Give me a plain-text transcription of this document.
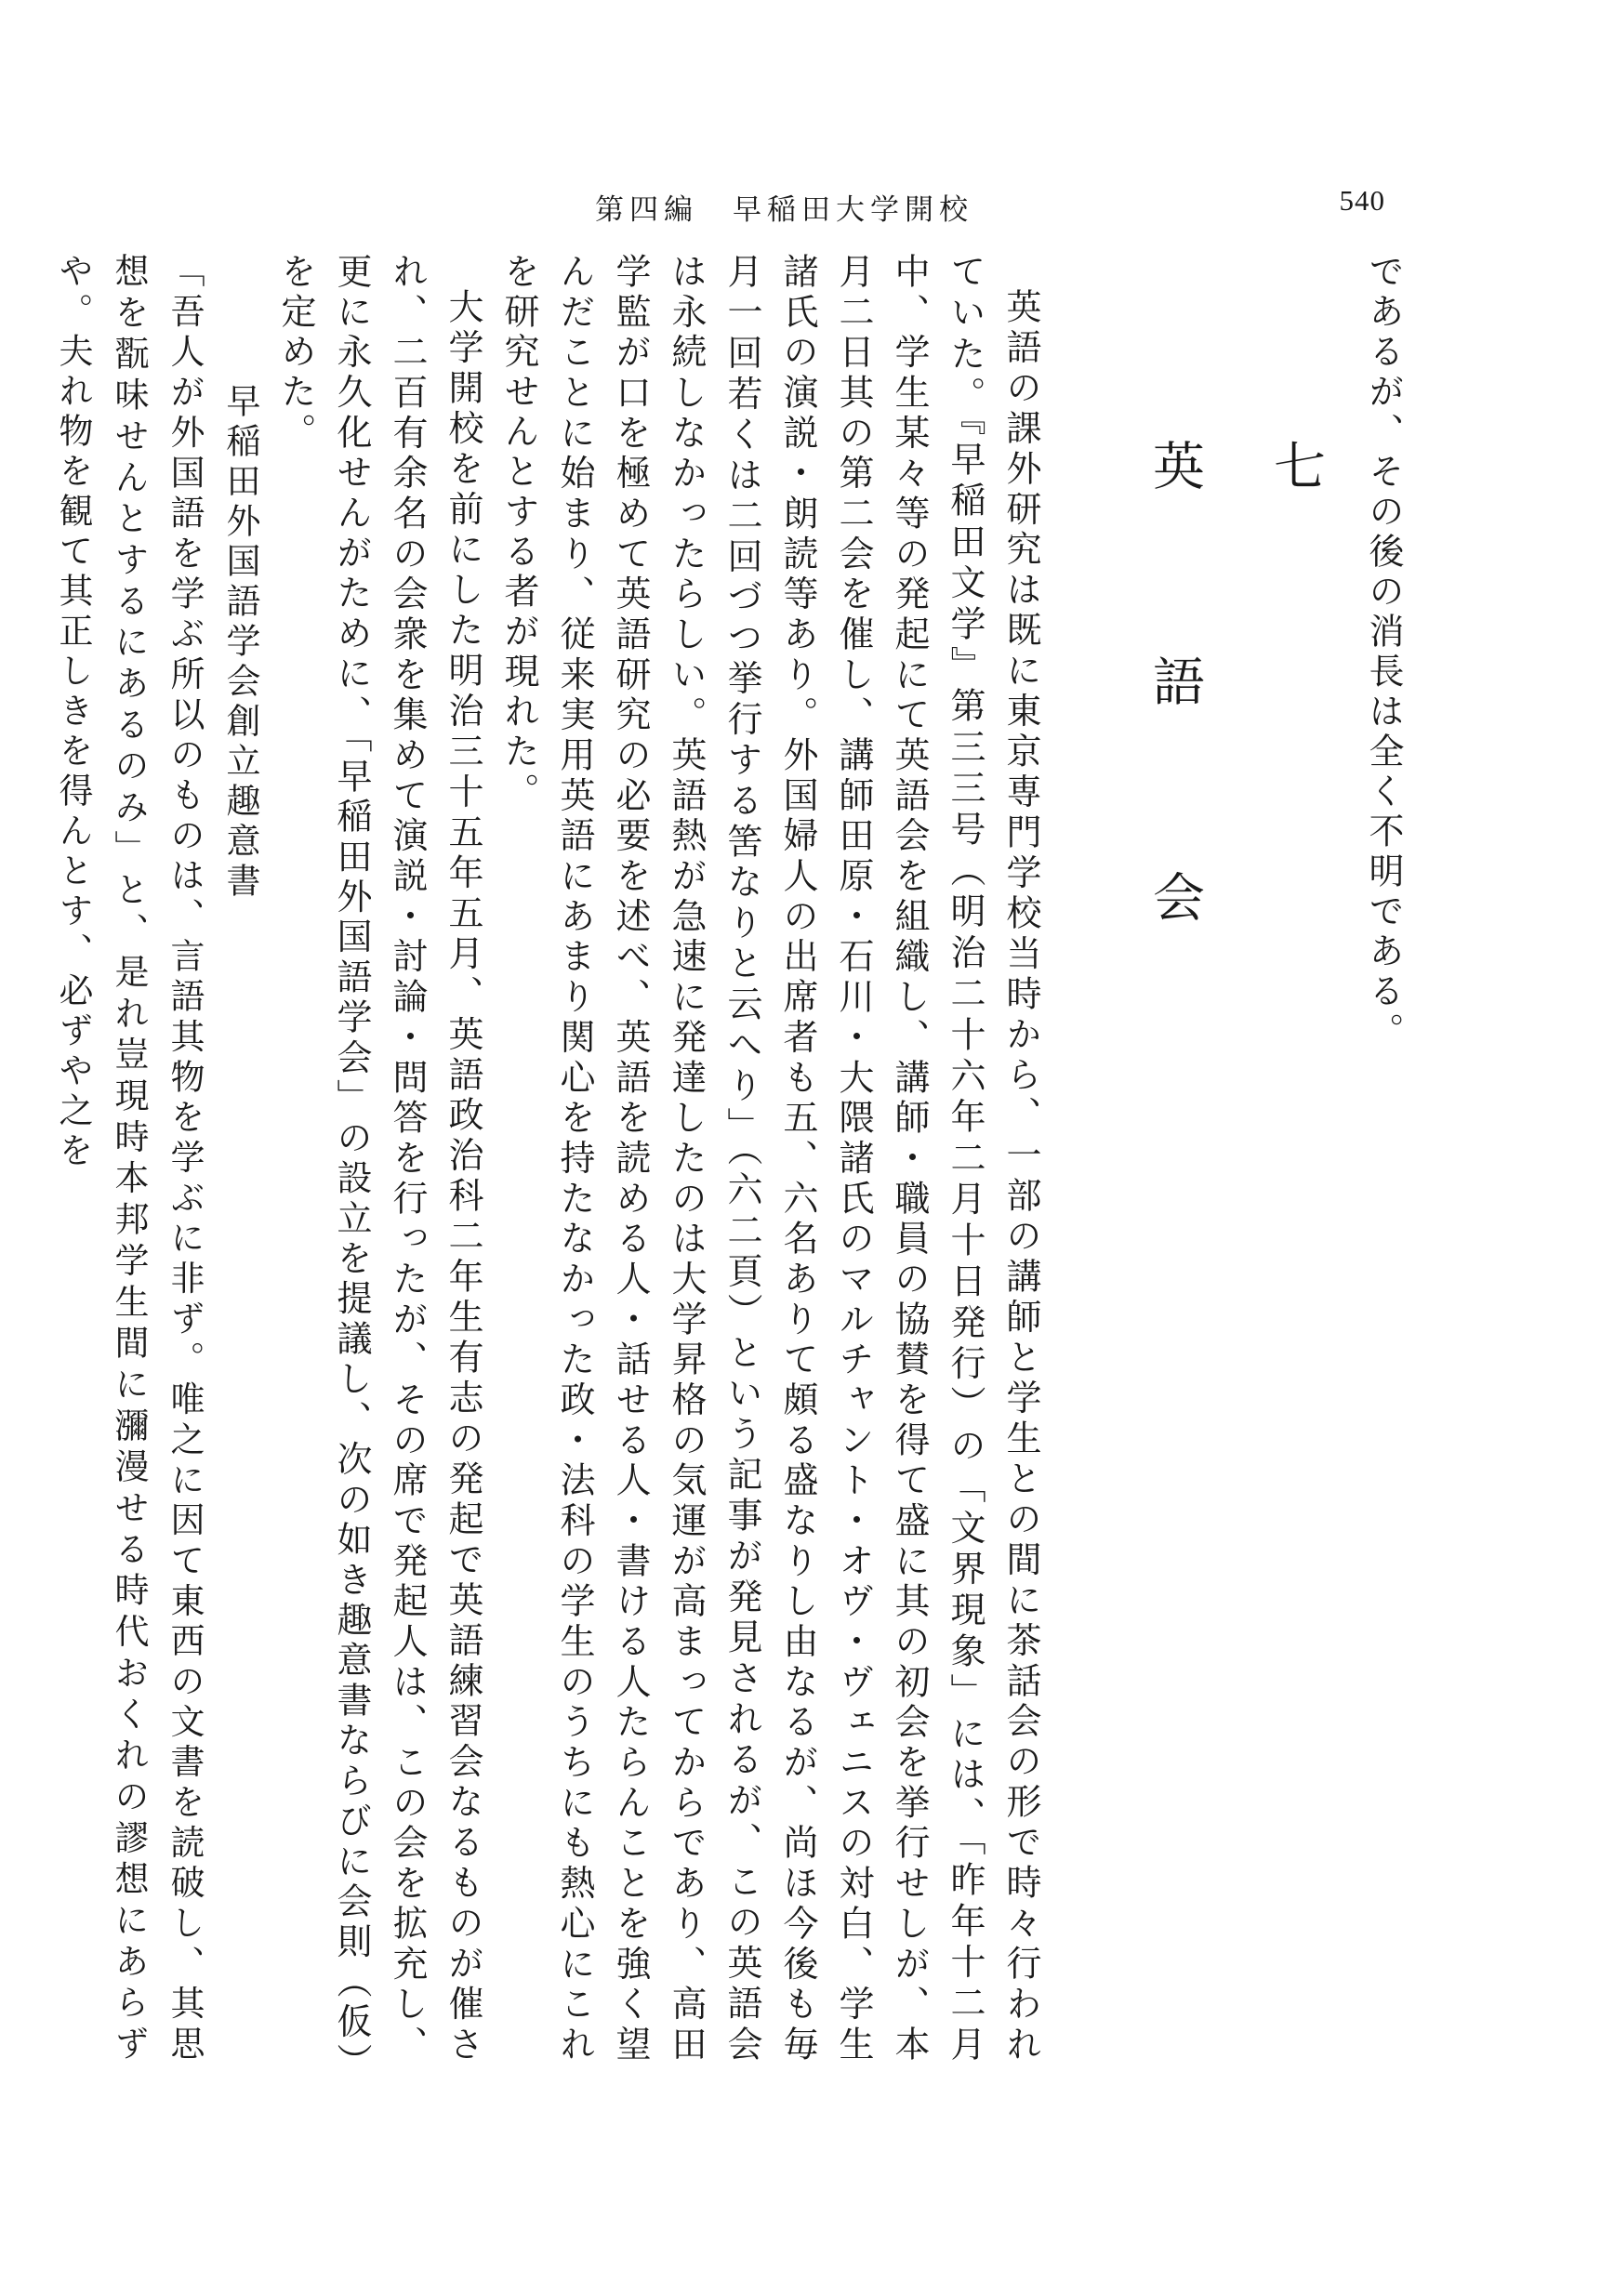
540
第四編　早稲田大学開校

であるが、その後の消長は全く不明である。

七
英　語　会

英語の課外研究は既に東京専門学校当時から、一部の講師と学生との間に茶話会の形で時々行われていた。『早稲田文学』第三三号（明治二十六年二月十日発行）の「文界現象」には、「昨年十二月中、学生某々等の発起にて英語会を組織し、講師・職員の協賛を得て盛に其の初会を挙行せしが、本月二日其の第二会を催し、講師田原・石川・大隈諸氏のマルチャント・オヴ・ヴェニスの対白、学生諸氏の演説・朗読等あり。外国婦人の出席者も五、六名ありて頗る盛なりし由なるが、尚ほ今後も毎月一回若くは二回づつ挙行する筈なりと云へり」（六二頁）という記事が発見されるが、この英語会は永続しなかったらしい。英語熱が急速に発達したのは大学昇格の気運が高まってからであり、高田学監が口を極めて英語研究の必要を述べ、英語を読める人・話せる人・書ける人たらんことを強く望んだことに始まり、従来実用英語にあまり関心を持たなかった政・法科の学生のうちにも熱心にこれを研究せんとする者が現れた。

大学開校を前にした明治三十五年五月、英語政治科二年生有志の発起で英語練習会なるものが催され、二百有余名の会衆を集めて演説・討論・問答を行ったが、その席で発起人は、この会を拡充し、更に永久化せんがために、「早稲田外国語学会」の設立を提議し、次の如き趣意書ならびに会則（仮）を定めた。

早稲田外国語学会創立趣意書

「吾人が外国語を学ぶ所以のものは、言語其物を学ぶに非ず。唯之に因て東西の文書を読破し、其思想を翫味せんとするにあるのみ」と、是れ豈現時本邦学生間に瀰漫せる時代おくれの謬想にあらずや。夫れ物を観て其正しきを得んとす、必ずや之を
